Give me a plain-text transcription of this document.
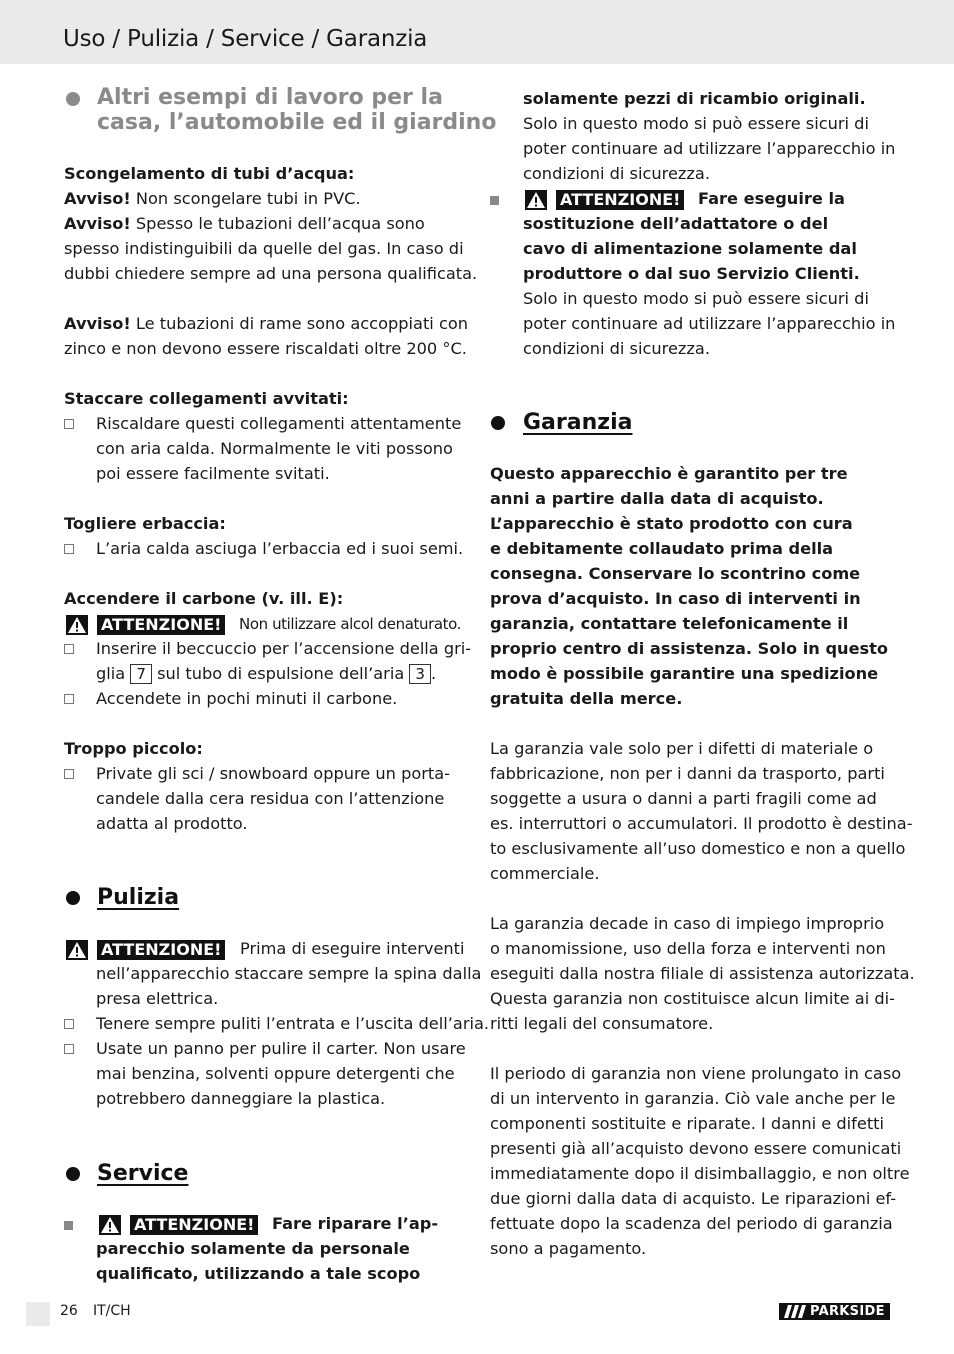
Uso / Pulizia / Service / Garanzia
Altri esempi di lavoro per la
casa, l’automobile ed il giardino
Scongelamento di tubi d’acqua:
Avviso! Non scongelare tubi in PVC.
Avviso! Spesso le tubazioni dell’acqua sono
spesso indistinguibili da quelle del gas. In caso di
dubbi chiedere sempre ad una persona qualificata.
Avviso! Le tubazioni di rame sono accoppiati con
zinco e non devono essere riscaldati oltre 200 °C.
Staccare collegamenti avvitati:
Riscaldare questi collegamenti attentamente
con aria calda. Normalmente le viti possono
poi essere facilmente svitati.
Togliere erbaccia:
L’aria calda asciuga l’erbaccia ed i suoi semi.
Accendere il carbone (v. ill. E):
ATTENZIONE! Non utilizzare alcol denaturato.
Inserire il beccuccio per l’accensione della gri-
glia 7 sul tubo di espulsione dell’aria 3 .
Accendete in pochi minuti il carbone.
Troppo piccolo:
Private gli sci / snowboard oppure un porta-
candele dalla cera residua con l’attenzione
adatta al prodotto.
Pulizia
ATTENZIONE! Prima di eseguire interventi
nell’apparecchio staccare sempre la spina dalla
presa elettrica.
Tenere sempre puliti l’entrata e l’uscita dell’aria.
Usate un panno per pulire il carter. Non usare
mai benzina, solventi oppure detergenti che
potrebbero danneggiare la plastica.
Service
ATTENZIONE! Fare riparare l’ap-
parecchio solamente da personale
qualificato, utilizzando a tale scopo
solamente pezzi di ricambio originali.
Solo in questo modo si può essere sicuri di
poter continuare ad utilizzare l’apparecchio in
condizioni di sicurezza.
ATTENZIONE! Fare eseguire la
sostituzione dell’adattatore o del
cavo di alimentazione solamente dal
produttore o dal suo Servizio Clienti.
Solo in questo modo si può essere sicuri di
poter continuare ad utilizzare l’apparecchio in
condizioni di sicurezza.
Garanzia
Questo apparecchio è garantito per tre
anni a partire dalla data di acquisto.
L’apparecchio è stato prodotto con cura
e debitamente collaudato prima della
consegna. Conservare lo scontrino come
prova d’acquisto. In caso di interventi in
garanzia, contattare telefonicamente il
proprio centro di assistenza. Solo in questo
modo è possibile garantire una spedizione
gratuita della merce.
La garanzia vale solo per i difetti di materiale o
fabbricazione, non per i danni da trasporto, parti
soggette a usura o danni a parti fragili come ad
es. interruttori o accumulatori. Il prodotto è destina-
to esclusivamente all’uso domestico e non a quello
commerciale.
La garanzia decade in caso di impiego improprio
o manomissione, uso della forza e interventi non
eseguiti dalla nostra filiale di assistenza autorizzata.
Questa garanzia non costituisce alcun limite ai di-
ritti legali del consumatore.
Il periodo di garanzia non viene prolungato in caso
di un intervento in garanzia. Ciò vale anche per le
componenti sostituite e riparate. I danni e difetti
presenti già all’acquisto devono essere comunicati
immediatamente dopo il disimballaggio, e non oltre
due giorni dalla data di acquisto. Le riparazioni ef-
fettuate dopo la scadenza del periodo di garanzia
sono a pagamento.
26 IT/CH	PARKSIDE
